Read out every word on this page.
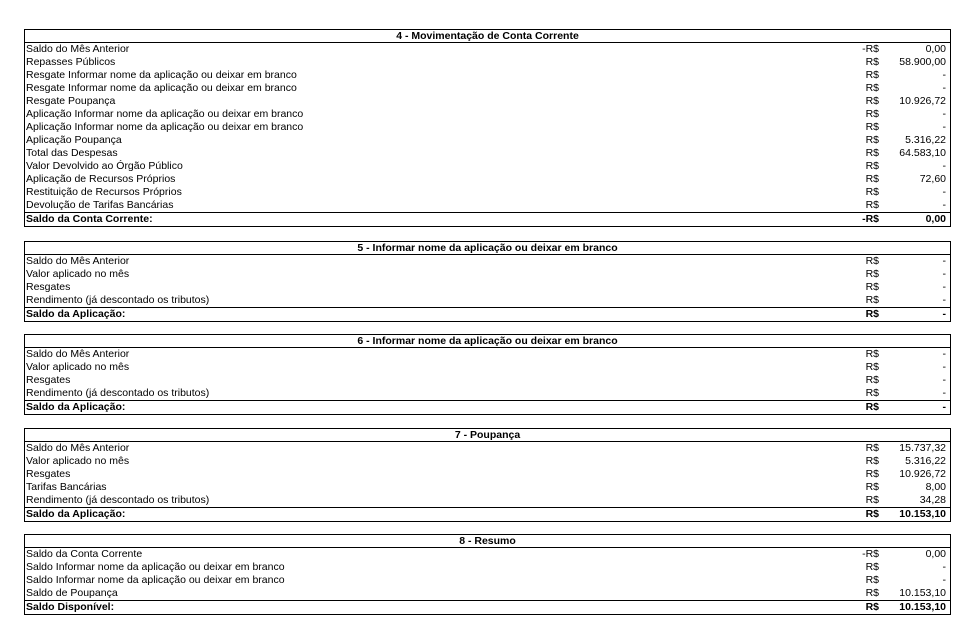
4 - Movimentação de Conta Corrente
Saldo do Mês Anterior	-R$	0,00
Repasses Públicos	R$ 58.900,00
Resgate Informar nome da aplicação ou deixar em branco	R$	-
Resgate Informar nome da aplicação ou deixar em branco	R$	-
Resgate Poupança	R$ 10.926,72
Aplicação Informar nome da aplicação ou deixar em branco	R$	-
Aplicação Informar nome da aplicação ou deixar em branco	R$	-
Aplicação Poupança	R$ 5.316,22
Total das Despesas	R$ 64.583,10
Valor Devolvido ao Órgão Público	R$	-
Aplicação de Recursos Próprios	R$	72,60
Restituição de Recursos Próprios	R$	-
Devolução de Tarifas Bancárias	R$	-
Saldo da Conta Corrente:	-R$	0,00
5 - Informar nome da aplicação ou deixar em branco
Saldo do Mês Anterior	R$	-
Valor aplicado no mês	R$	-
Resgates	R$	-
Rendimento (já descontado os tributos)	R$	-
Saldo da Aplicação:	R$	-
6 - Informar nome da aplicação ou deixar em branco
Saldo do Mês Anterior	R$	-
Valor aplicado no mês	R$	-
Resgates	R$	-
Rendimento (já descontado os tributos)	R$	-
Saldo da Aplicação:	R$	-
7 - Poupança
Saldo do Mês Anterior	R$ 15.737,32
Valor aplicado no mês	R$ 5.316,22
Resgates	R$ 10.926,72
Tarifas Bancárias	R$	8,00
Rendimento (já descontado os tributos)	R$	34,28
Saldo da Aplicação:	R$ 10.153,10
8 - Resumo
Saldo da Conta Corrente	-R$	0,00
Saldo Informar nome da aplicação ou deixar em branco	R$	-
Saldo Informar nome da aplicação ou deixar em branco	R$	-
Saldo de Poupança	R$ 10.153,10
Saldo Disponível:	R$ 10.153,10
